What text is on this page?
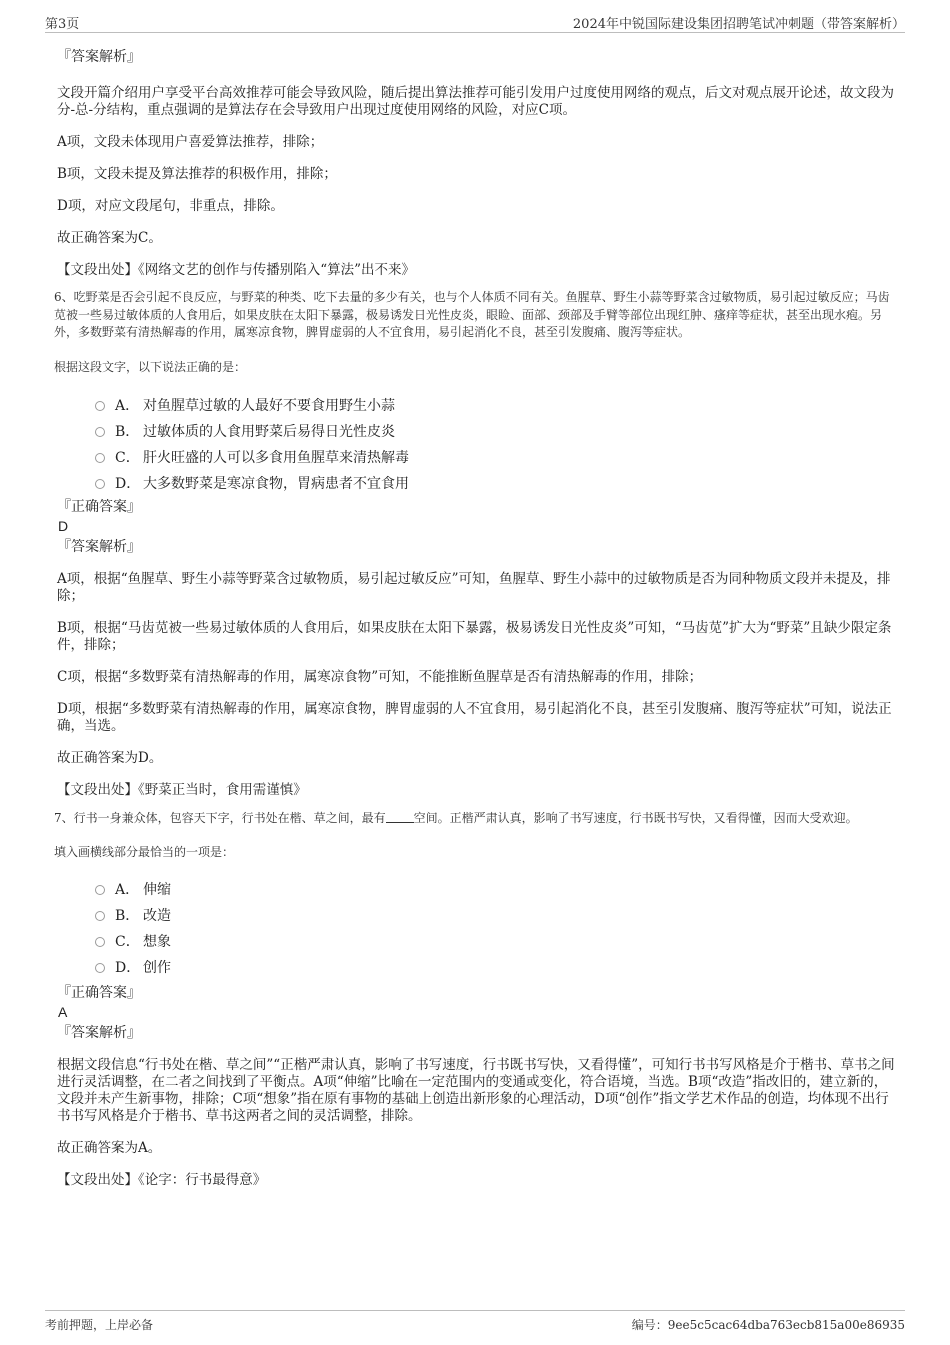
第3页	2024年中锐国际建设集团招聘笔试冲刺题（带答案解析）

『答案解析』

文段开篇介绍用户享受平台高效推荐可能会导致风险，随后提出算法推荐可能引发用户过度使用网络的观点，后文对观点展开论述，故文段为分-总-分结构，重点强调的是算法存在会导致用户出现过度使用网络的风险，对应C项。

A项，文段未体现用户喜爱算法推荐，排除；

B项，文段未提及算法推荐的积极作用，排除；

D项，对应文段尾句，非重点，排除。

故正确答案为C。

【文段出处】《网络文艺的创作与传播别陷入“算法”出不来》

6、吃野菜是否会引起不良反应，与野菜的种类、吃下去量的多少有关，也与个人体质不同有关。鱼腥草、野生小蒜等野菜含过敏物质，易引起过敏反应；马齿苋被一些易过敏体质的人食用后，如果皮肤在太阳下暴露，极易诱发日光性皮炎，眼睑、面部、颈部及手臂等部位出现红肿、瘙痒等症状，甚至出现水疱。另外，多数野菜有清热解毒的作用，属寒凉食物，脾胃虚弱的人不宜食用，易引起消化不良，甚至引发腹痛、腹泻等症状。

根据这段文字，以下说法正确的是：

A． 对鱼腥草过敏的人最好不要食用野生小蒜
B． 过敏体质的人食用野菜后易得日光性皮炎
C． 肝火旺盛的人可以多食用鱼腥草来清热解毒
D． 大多数野菜是寒凉食物，胃病患者不宜食用

『正确答案』

D

『答案解析』

A项，根据“鱼腥草、野生小蒜等野菜含过敏物质，易引起过敏反应”可知，鱼腥草、野生小蒜中的过敏物质是否为同种物质文段并未提及，排除；

B项，根据“马齿苋被一些易过敏体质的人食用后，如果皮肤在太阳下暴露，极易诱发日光性皮炎”可知，“马齿苋”扩大为“野菜”且缺少限定条件，排除；

C项，根据“多数野菜有清热解毒的作用，属寒凉食物”可知，不能推断鱼腥草是否有清热解毒的作用，排除；

D项，根据“多数野菜有清热解毒的作用，属寒凉食物，脾胃虚弱的人不宜食用，易引起消化不良，甚至引发腹痛、腹泻等症状”可知，说法正确，当选。

故正确答案为D。

【文段出处】《野菜正当时，食用需谨慎》

7、行书一身兼众体，包容天下字，行书处在楷、草之间，最有 空间。正楷严肃认真，影响了书写速度，行书既书写快，又看得懂，因而大受欢迎。

填入画横线部分最恰当的一项是：

A． 伸缩
B． 改造
C． 想象
D． 创作

『正确答案』

A

『答案解析』

根据文段信息“行书处在楷、草之间”“正楷严肃认真，影响了书写速度，行书既书写快，又看得懂”，可知行书书写风格是介于楷书、草书之间进行灵活调整，在二者之间找到了平衡点。A项“伸缩”比喻在一定范围内的变通或变化，符合语境，当选。B项“改造”指改旧的，建立新的，文段并未产生新事物，排除；C项“想象”指在原有事物的基础上创造出新形象的心理活动，D项“创作”指文学艺术作品的创造，均体现不出行书书写风格是介于楷书、草书这两者之间的灵活调整，排除。

故正确答案为A。

【文段出处】《论字：行书最得意》

考前押题，上岸必备	编号：9ee5c5cac64dba763ecb815a00e86935
